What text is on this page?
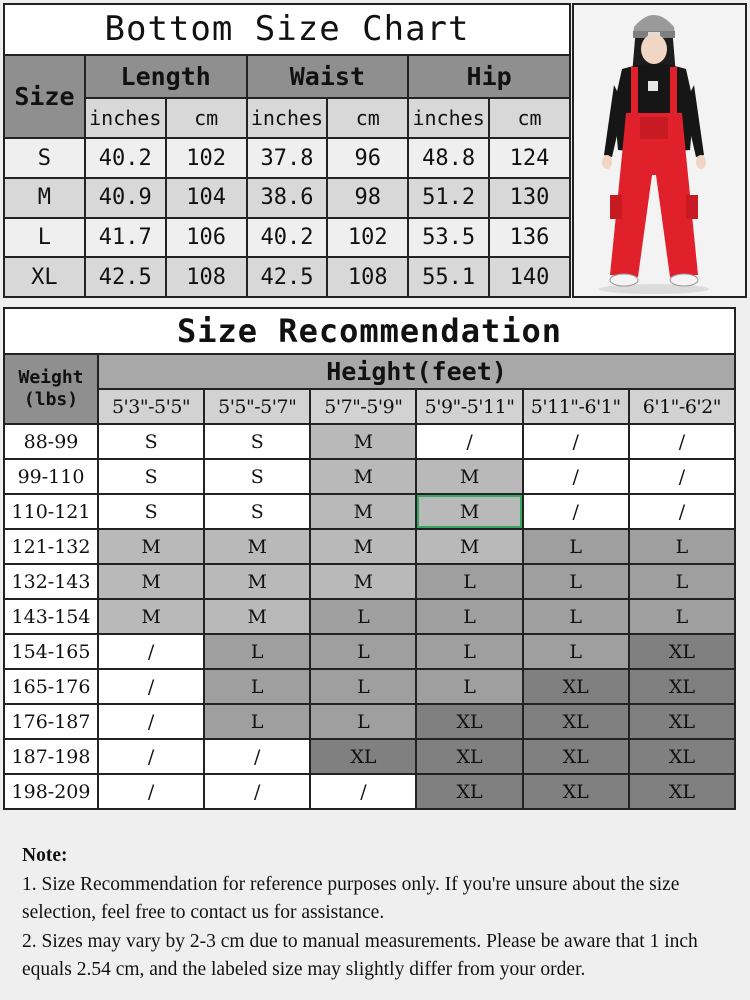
Bottom Size Chart						
Size	Length		Waist		Hip	
	inches	cm	inches	cm	inches	cm
S	40.2	102	37.8	96	48.8	124
M	40.9	104	38.6	98	51.2	130
L	41.7	106	40.2	102	53.5	136
XL	42.5	108	42.5	108	55.1	140
Size Recommendation						
Weight
(lbs)	Height(feet)					
	5'3"-5'5"	5'5"-5'7"	5'7"-5'9"	5'9"-5'11"	5'11"-6'1"	6'1"-6'2"
88-99	S	S	M	/	/	/
99-110	S	S	M	M	/	/
110-121	S	S	M	M	/	/
121-132	M	M	M	M	L	L
132-143	M	M	M	L	L	L
143-154	M	M	L	L	L	L
154-165	/	L	L	L	L	XL
165-176	/	L	L	L	XL	XL
176-187	/	L	L	XL	XL	XL
187-198	/	/	XL	XL	XL	XL
198-209	/	/	/	XL	XL	XL
Note:
1. Size Recommendation for reference purposes only. If you're unsure about the size selection, feel free to contact us for assistance.
2. Sizes may vary by 2-3 cm due to manual measurements. Please be aware that 1 inch equals 2.54 cm, and the labeled size may slightly differ from your order.
